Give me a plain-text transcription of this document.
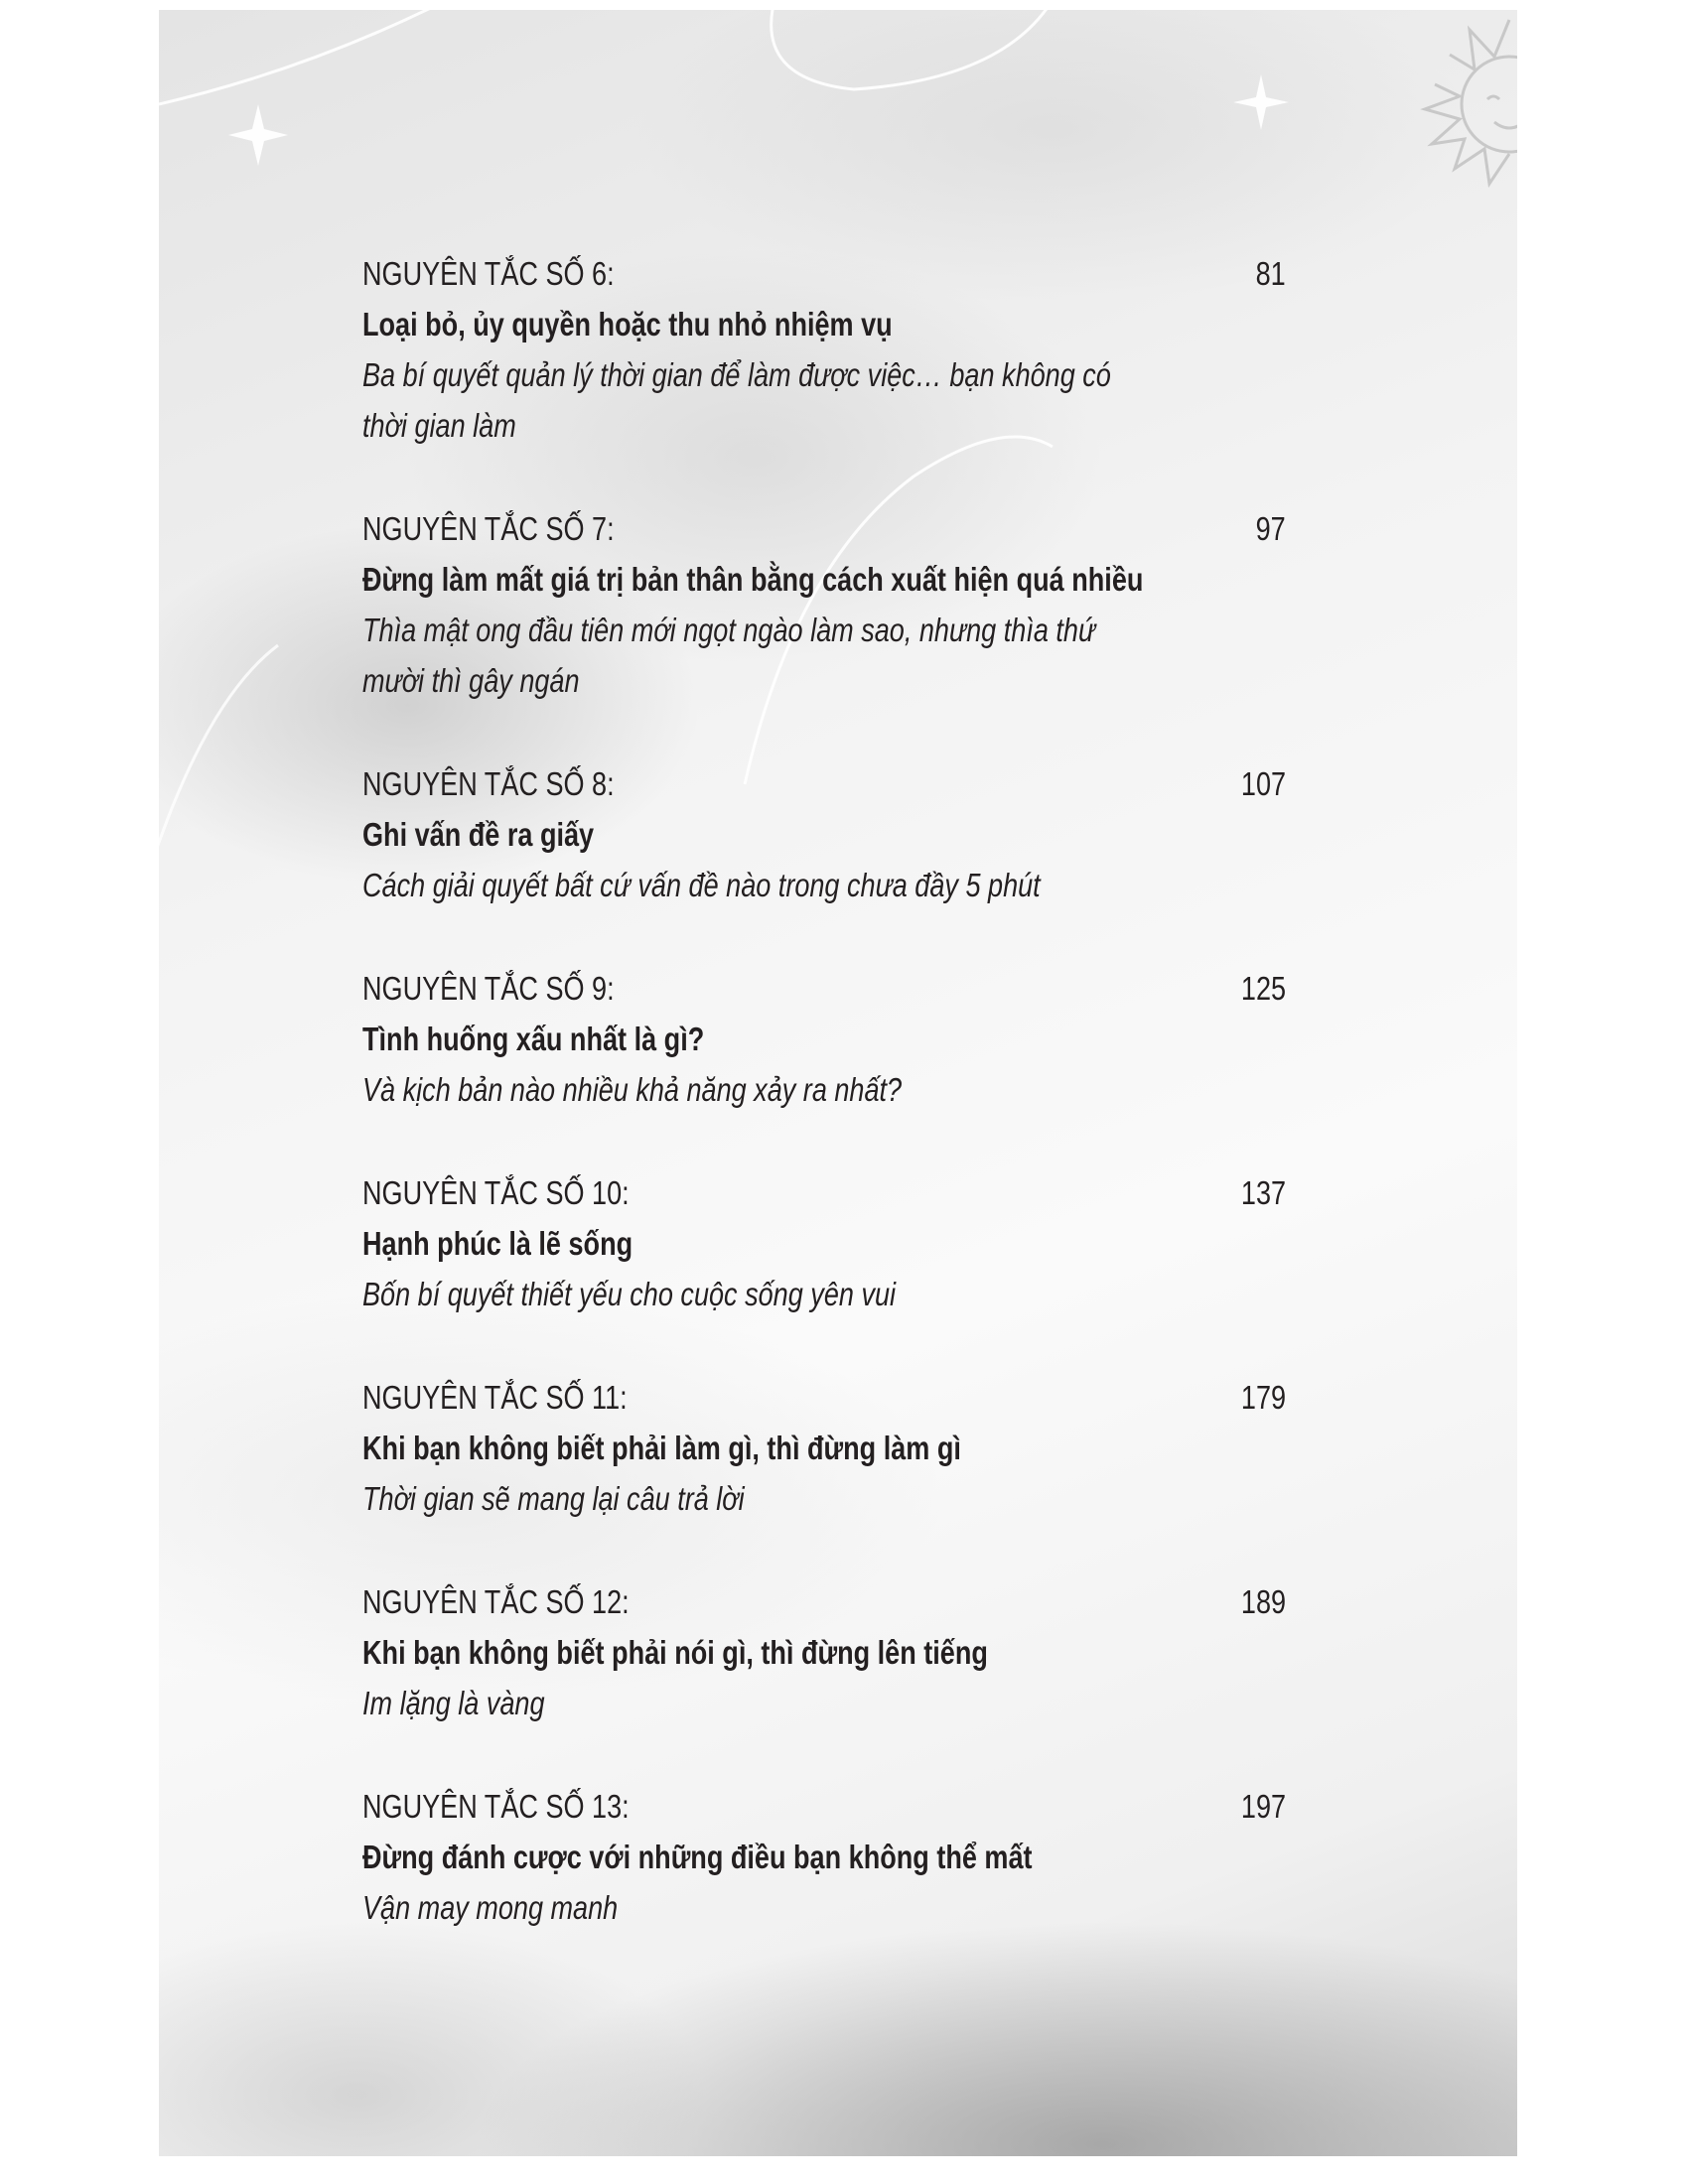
NGUYÊN TẮC SỐ 6:	81
Loại bỏ, ủy quyền hoặc thu nhỏ nhiệm vụ
Ba bí quyết quản lý thời gian để làm được việc… bạn không có
thời gian làm
NGUYÊN TẮC SỐ 7:	97
Đừng làm mất giá trị bản thân bằng cách xuất hiện quá nhiều
Thìa mật ong đầu tiên mới ngọt ngào làm sao, nhưng thìa thứ
mười thì gây ngán
NGUYÊN TẮC SỐ 8:	107
Ghi vấn đề ra giấy
Cách giải quyết bất cứ vấn đề nào trong chưa đầy 5 phút
NGUYÊN TẮC SỐ 9:	125
Tình huống xấu nhất là gì?
Và kịch bản nào nhiều khả năng xảy ra nhất?
NGUYÊN TẮC SỐ 10:	137
Hạnh phúc là lẽ sống
Bốn bí quyết thiết yếu cho cuộc sống yên vui
NGUYÊN TẮC SỐ 11:	179
Khi bạn không biết phải làm gì, thì đừng làm gì
Thời gian sẽ mang lại câu trả lời
NGUYÊN TẮC SỐ 12:	189
Khi bạn không biết phải nói gì, thì đừng lên tiếng
Im lặng là vàng
NGUYÊN TẮC SỐ 13:	197
Đừng đánh cược với những điều bạn không thể mất
Vận may mong manh
